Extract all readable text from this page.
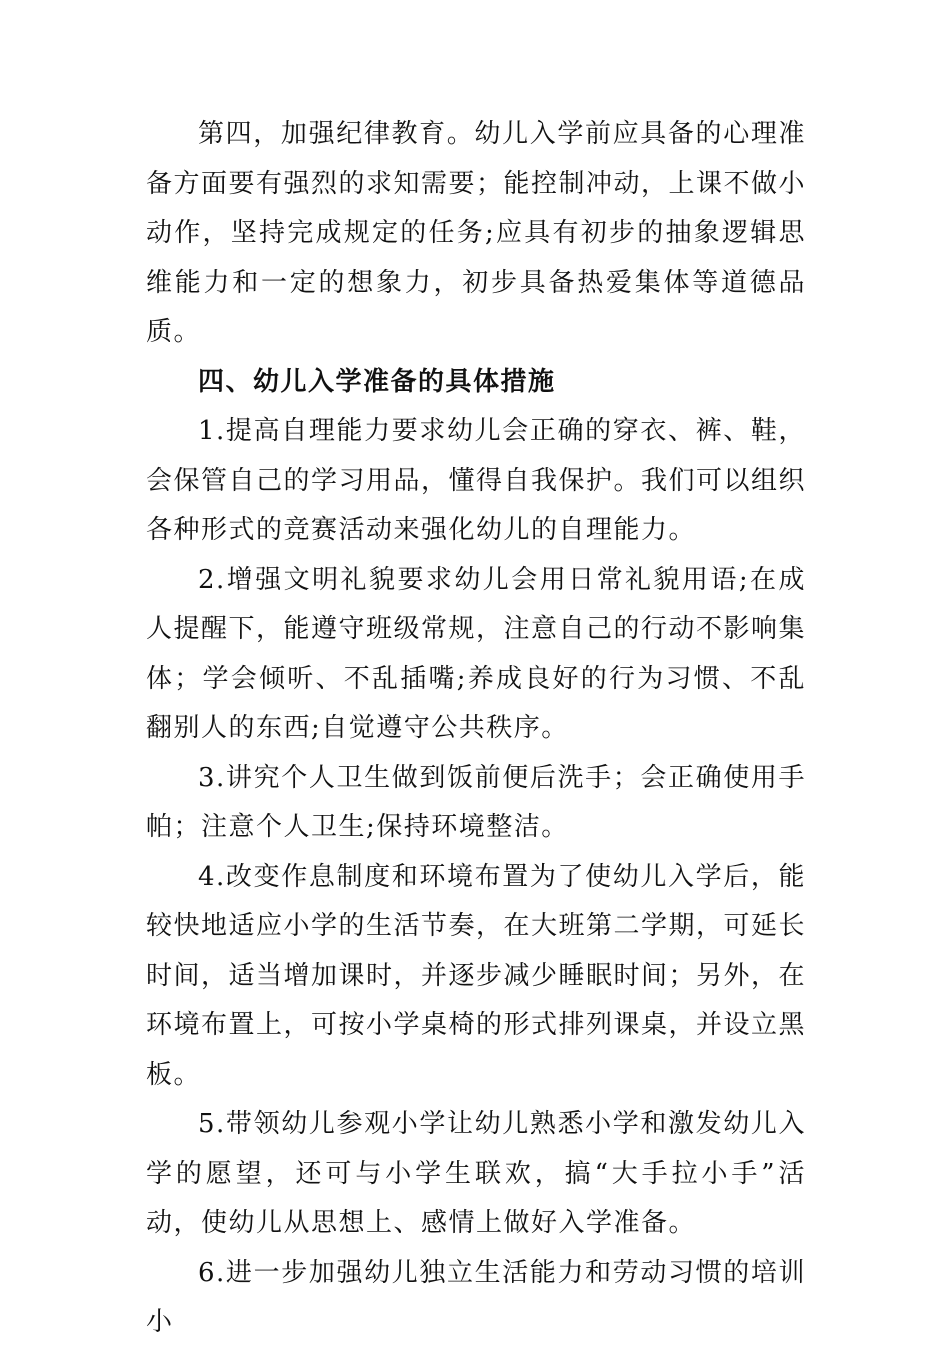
第四，加强纪律教育。幼儿入学前应具备的心理准备方面要有强烈的求知需要；能控制冲动，上课不做小动作，坚持完成规定的任务;应具有初步的抽象逻辑思维能力和一定的想象力，初步具备热爱集体等道德品质。

四、幼儿入学准备的具体措施

1.提高自理能力要求幼儿会正确的穿衣、裤、鞋，会保管自己的学习用品，懂得自我保护。我们可以组织各种形式的竞赛活动来强化幼儿的自理能力。

2.增强文明礼貌要求幼儿会用日常礼貌用语;在成人提醒下，能遵守班级常规，注意自己的行动不影响集体；学会倾听、不乱插嘴;养成良好的行为习惯、不乱翻别人的东西;自觉遵守公共秩序。

3.讲究个人卫生做到饭前便后洗手；会正确使用手帕；注意个人卫生;保持环境整洁。

4.改变作息制度和环境布置为了使幼儿入学后，能较快地适应小学的生活节奏，在大班第二学期，可延长时间，适当增加课时，并逐步减少睡眠时间；另外，在环境布置上，可按小学桌椅的形式排列课桌，并设立黑板。

5.带领幼儿参观小学让幼儿熟悉小学和激发幼儿入学的愿望，还可与小学生联欢，搞“大手拉小手”活动，使幼儿从思想上、感情上做好入学准备。

6.进一步加强幼儿独立生活能力和劳动习惯的培训小
